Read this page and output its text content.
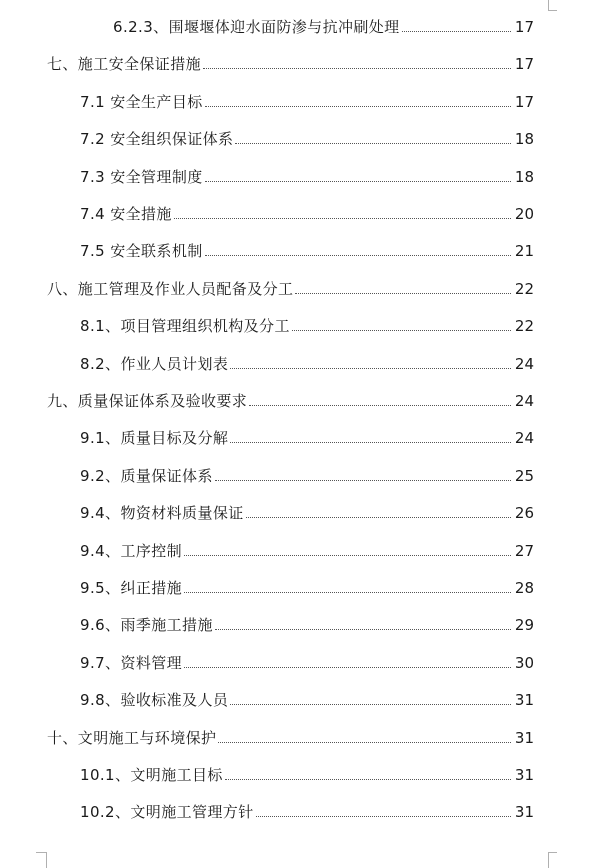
6.2.3、围堰堰体迎水面防渗与抗冲刷处理	17
七、施工安全保证措施	17
7.1 安全生产目标	17
7.2 安全组织保证体系	18
7.3 安全管理制度	18
7.4 安全措施	20
7.5 安全联系机制	21
八、施工管理及作业人员配备及分工	22
8.1、项目管理组织机构及分工	22
8.2、作业人员计划表	24
九、质量保证体系及验收要求	24
9.1、质量目标及分解	24
9.2、质量保证体系	25
9.4、物资材料质量保证	26
9.4、工序控制	27
9.5、纠正措施	28
9.6、雨季施工措施	29
9.7、资料管理	30
9.8、验收标准及人员	31
十、文明施工与环境保护	31
10.1、文明施工目标	31
10.2、文明施工管理方针	31
